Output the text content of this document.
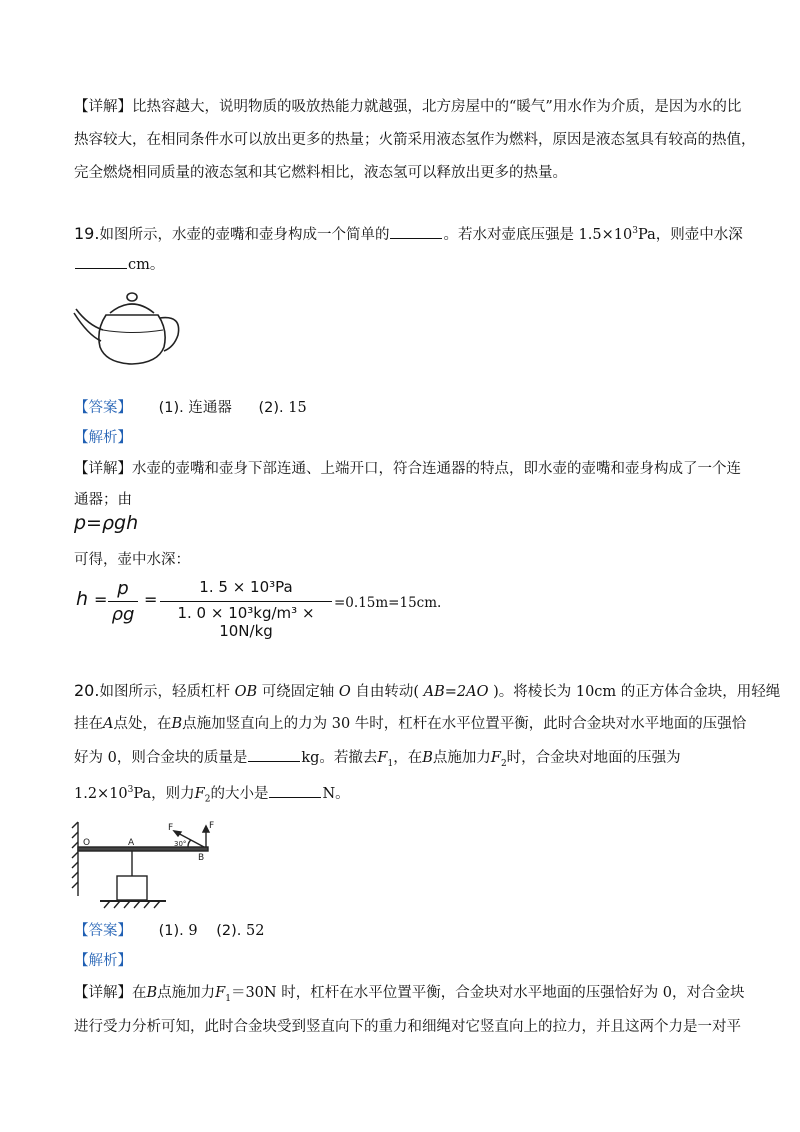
【详解】比热容越大，说明物质的吸放热能力就越强，北方房屋中的“暖气”用水作为介质，是因为水的比
热容较大，在相同条件水可以放出更多的热量；火箭采用液态氢作为燃料，原因是液态氢具有较高的热值，
完全燃烧相同质量的液态氢和其它燃料相比，液态氢可以释放出更多的热量。
19.如图所示，水壶的壶嘴和壶身构成一个简单的	。若水对壶底压强是 $1.5\times 10^3Pa$，则壶中水深
cm。
【答案】 (1). 连通器 (2). 15
【解析】
【详解】水壶的壶嘴和壶身下部连通、上端开口，符合连通器的特点，即水壶的壶嘴和壶身构成了一个连
通器；由
p=ρgh
可得，壶中水深：
h =
p
ρg
=
1. 5 × 10³Pa
1. 0 × 10³kg/m³ × 10N/kg
=0.15m=15cm.
20.如图所示，轻质杠杆 OB 可绕固定轴 O 自由转动( AB=2AO )。将棱长为 10cm 的正方体合金块，用轻绳
挂在A点处，在B点施加竖直向上的力为 30 牛时，杠杆在水平位置平衡，此时合金块对水平地面的压强恰
好为 0，则合金块的质量是	kg。若撤去$F_1$，在B点施加力$F_2$时，合金块对地面的压强为
$1.2\times 10^3Pa$，则力$F_2$的大小是	N。
O	A
B
F
F
30°
【答案】 (1). 9 (2). 52
【解析】
【详解】在B点施加力$F_1=30N$ 时，杠杆在水平位置平衡，合金块对水平地面的压强恰好为 0，对合金块
进行受力分析可知，此时合金块受到竖直向下的重力和细绳对它竖直向上的拉力，并且这两个力是一对平
